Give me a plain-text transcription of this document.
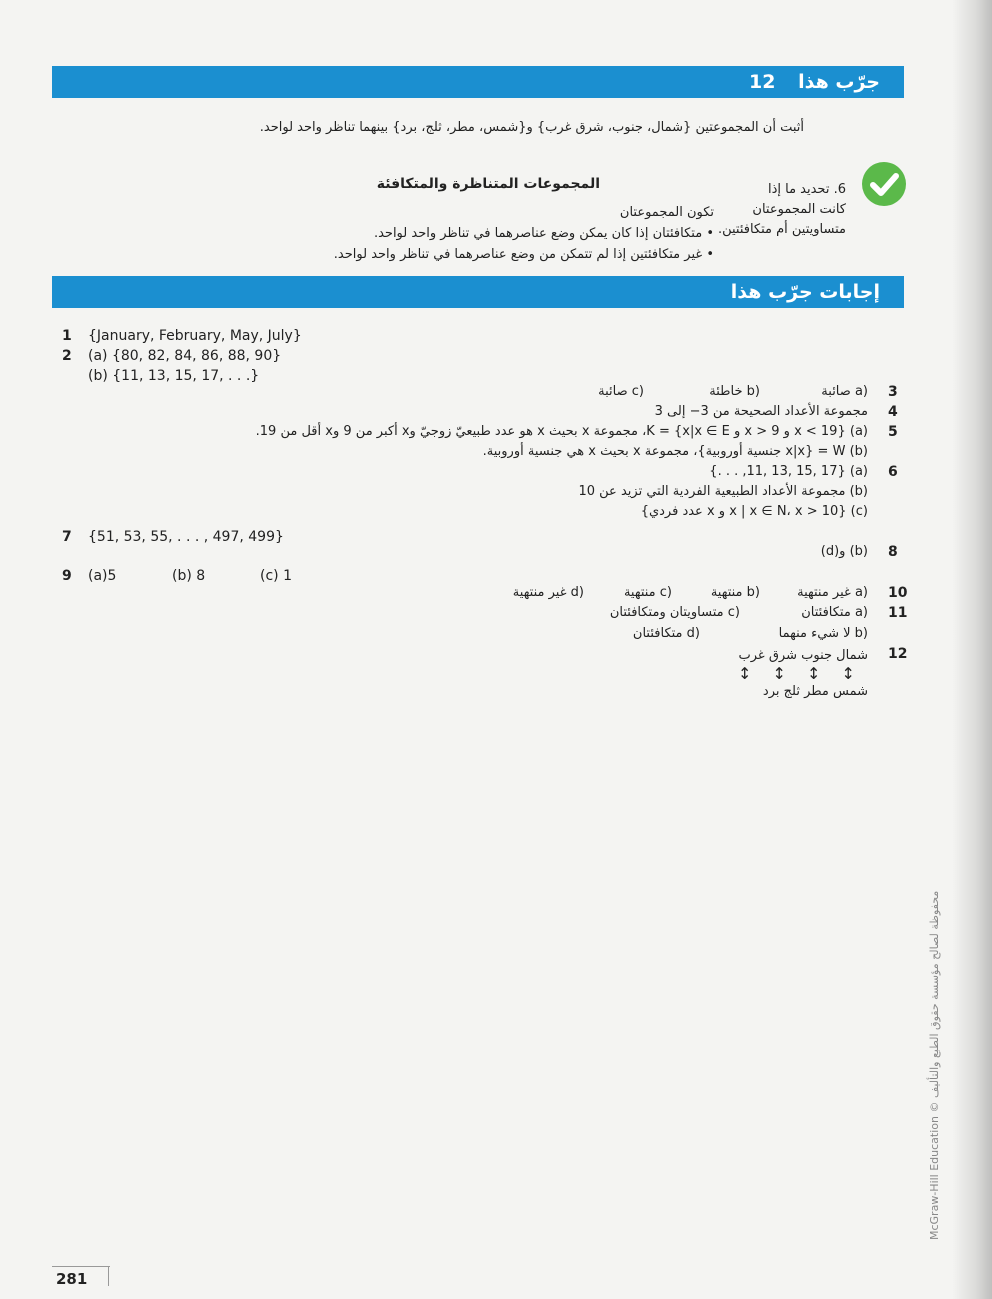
جرّب هذا 12
أثبت أن المجموعتين {شمال، جنوب، شرق غرب} و{شمس، مطر، ثلج، برد} بينهما تناظر واحد لواحد.
المجموعات المتناظرة والمتكافئة	6. تحديد ما إذا
كانت المجموعتان
متساويتين أم متكافئتين.
تكون المجموعتان
• متكافئتان إذا كان يمكن وضع عناصرهما في تناظر واحد لواحد.
• غير متكافئتين إذا لم تتمكن من وضع عناصرهما في تناظر واحد لواحد.
إجابات جرّب هذا
1 {January, February, May, July}
2 (a) {80, 82, 84, 86, 88, 90}
(b) {11, 13, 15, 17, . . .}
7 {51, 53, 55, . . . , 497, 499}
9 (a)5	(b) 8	(c) 1
3
(a صائبة
(b خاطئة
(c صائبة
4
مجموعة الأعداد الصحيحة من 3− إلى 3
5
(a) {x < 19 و x > 9 و x|x ∈ E} = K، مجموعة x بحيث x هو عدد طبيعيّ زوجيّ وx أكبر من 9 وx أقل من 19.
(b) W = {x|x جنسية أوروبية}، مجموعة x بحيث x هي جنسية أوروبية.
6
(a) {11, 13, 15, 17, . . .}
(b) مجموعة الأعداد الطبيعية الفردية التي تزيد عن 10
(c) {x | x ∈ N، x > 10 و x عدد فردي}
8
(b) و(d)
10
(a غير منتهية
(b منتهية
(c منتهية
(d غير منتهية
11
(a متكافئتان
(c متساويتان ومتكافئتان
(b لا شيء منهما
(d متكافئتان
12
شمال جنوب شرق غرب
↕ ↕ ↕ ↕
شمس مطر ثلج برد
McGraw-Hill Education © محفوظة لصالح مؤسسة حقوق الطبع والتأليف
281
